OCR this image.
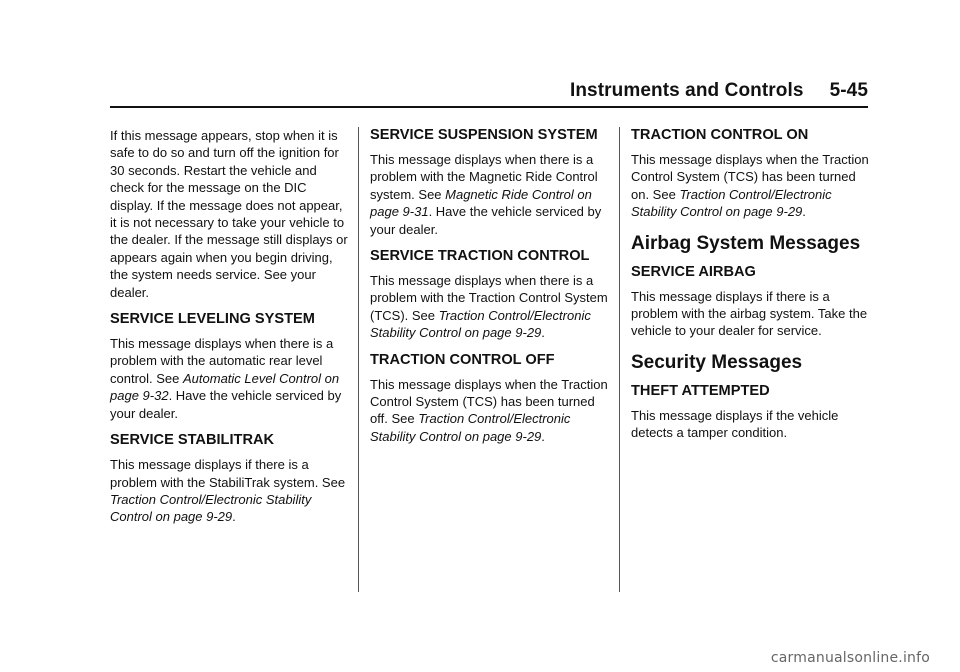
Instruments and Controls 5-45

If this message appears, stop when it is safe to do so and turn off the ignition for 30 seconds. Restart the vehicle and check for the message on the DIC display. If the message does not appear, it is not necessary to take your vehicle to the dealer. If the message still displays or appears again when you begin driving, the system needs service. See your dealer.

SERVICE LEVELING SYSTEM

This message displays when there is a problem with the automatic rear level control. See Automatic Level Control on page 9-32. Have the vehicle serviced by your dealer.

SERVICE STABILITRAK

This message displays if there is a problem with the StabiliTrak system. See Traction Control/Electronic Stability Control on page 9-29.

SERVICE SUSPENSION SYSTEM

This message displays when there is a problem with the Magnetic Ride Control system. See Magnetic Ride Control on page 9-31. Have the vehicle serviced by your dealer.

SERVICE TRACTION CONTROL

This message displays when there is a problem with the Traction Control System (TCS). See Traction Control/Electronic Stability Control on page 9-29.

TRACTION CONTROL OFF

This message displays when the Traction Control System (TCS) has been turned off. See Traction Control/Electronic Stability Control on page 9-29.

TRACTION CONTROL ON

This message displays when the Traction Control System (TCS) has been turned on. See Traction Control/Electronic Stability Control on page 9-29.

Airbag System Messages
SERVICE AIRBAG

This message displays if there is a problem with the airbag system. Take the vehicle to your dealer for service.

Security Messages
THEFT ATTEMPTED

This message displays if the vehicle detects a tamper condition.

carmanualsonline.info
